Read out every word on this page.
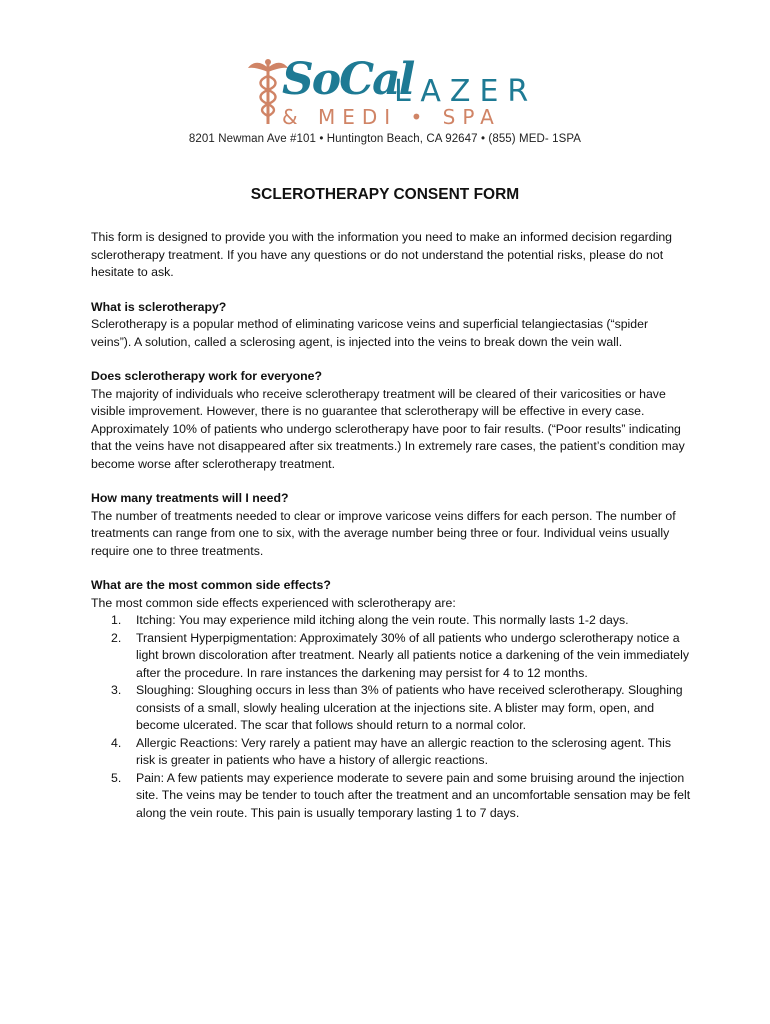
SoCal
LAZER
& MEDI • SPA
8201 Newman Ave #101 • Huntington Beach, CA 92647 • (855) MED- 1SPA
SCLEROTHERAPY CONSENT FORM

This form is designed to provide you with the information you need to make an informed decision regarding sclerotherapy treatment. If you have any questions or do not understand the potential risks, please do not hesitate to ask.

What is sclerotherapy?

Sclerotherapy is a popular method of eliminating varicose veins and superficial telangiectasias (“spider veins”). A solution, called a sclerosing agent, is injected into the veins to break down the vein wall.

Does sclerotherapy work for everyone?

The majority of individuals who receive sclerotherapy treatment will be cleared of their varicosities or have visible improvement. However, there is no guarantee that sclerotherapy will be effective in every case. Approximately 10% of patients who undergo sclerotherapy have poor to fair results. (“Poor results” indicating that the veins have not disappeared after six treatments.) In extremely rare cases, the patient’s condition may become worse after sclerotherapy treatment.

How many treatments will I need?

The number of treatments needed to clear or improve varicose veins differs for each person. The number of treatments can range from one to six, with the average number being three or four. Individual veins usually require one to three treatments.

What are the most common side effects?

The most common side effects experienced with sclerotherapy are:

1. Itching: You may experience mild itching along the vein route. This normally lasts 1-2 days.
2. Transient Hyperpigmentation: Approximately 30% of all patients who undergo sclerotherapy notice a light brown discoloration after treatment. Nearly all patients notice a darkening of the vein immediately after the procedure. In rare instances the darkening may persist for 4 to 12 months.
3. Sloughing: Sloughing occurs in less than 3% of patients who have received sclerotherapy. Sloughing consists of a small, slowly healing ulceration at the injections site. A blister may form, open, and become ulcerated. The scar that follows should return to a normal color.
4. Allergic Reactions: Very rarely a patient may have an allergic reaction to the sclerosing agent. This risk is greater in patients who have a history of allergic reactions.
5. Pain: A few patients may experience moderate to severe pain and some bruising around the injection site. The veins may be tender to touch after the treatment and an uncomfortable sensation may be felt along the vein route. This pain is usually temporary lasting 1 to 7 days.
